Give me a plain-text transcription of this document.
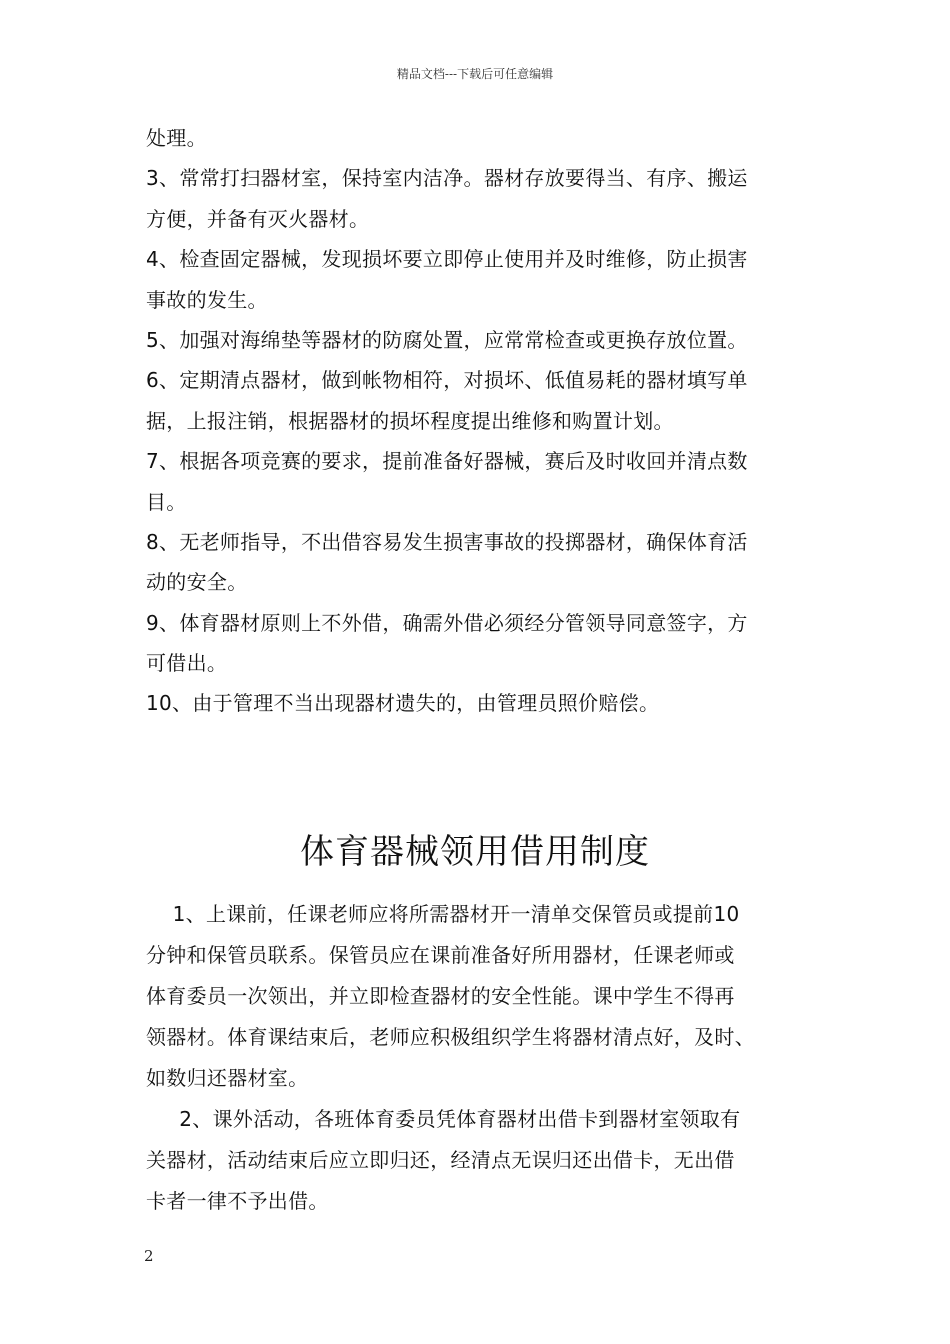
精品文档---下载后可任意编辑
处理。
3、常常打扫器材室，保持室内洁净。器材存放要得当、有序、搬运
方便，并备有灭火器材。
4、检查固定器械，发现损坏要立即停止使用并及时维修，防止损害
事故的发生。
5、加强对海绵垫等器材的防腐处置，应常常检查或更换存放位置。
6、定期清点器材，做到帐物相符，对损坏、低值易耗的器材填写单
据，上报注销，根据器材的损坏程度提出维修和购置计划。
7、根据各项竞赛的要求，提前准备好器械，赛后及时收回并清点数
目。
8、无老师指导，不出借容易发生损害事故的投掷器材，确保体育活
动的安全。
9、体育器材原则上不外借，确需外借必须经分管领导同意签字，方
可借出。
10、由于管理不当出现器材遗失的，由管理员照价赔偿。
体育器械领用借用制度
1、上课前，任课老师应将所需器材开一清单交保管员或提前10
分钟和保管员联系。保管员应在课前准备好所用器材，任课老师或
体育委员一次领出，并立即检查器材的安全性能。课中学生不得再
领器材。体育课结束后，老师应积极组织学生将器材清点好，及时、
如数归还器材室。
2、课外活动，各班体育委员凭体育器材出借卡到器材室领取有
关器材，活动结束后应立即归还，经清点无误归还出借卡，无出借
卡者一律不予出借。
2
